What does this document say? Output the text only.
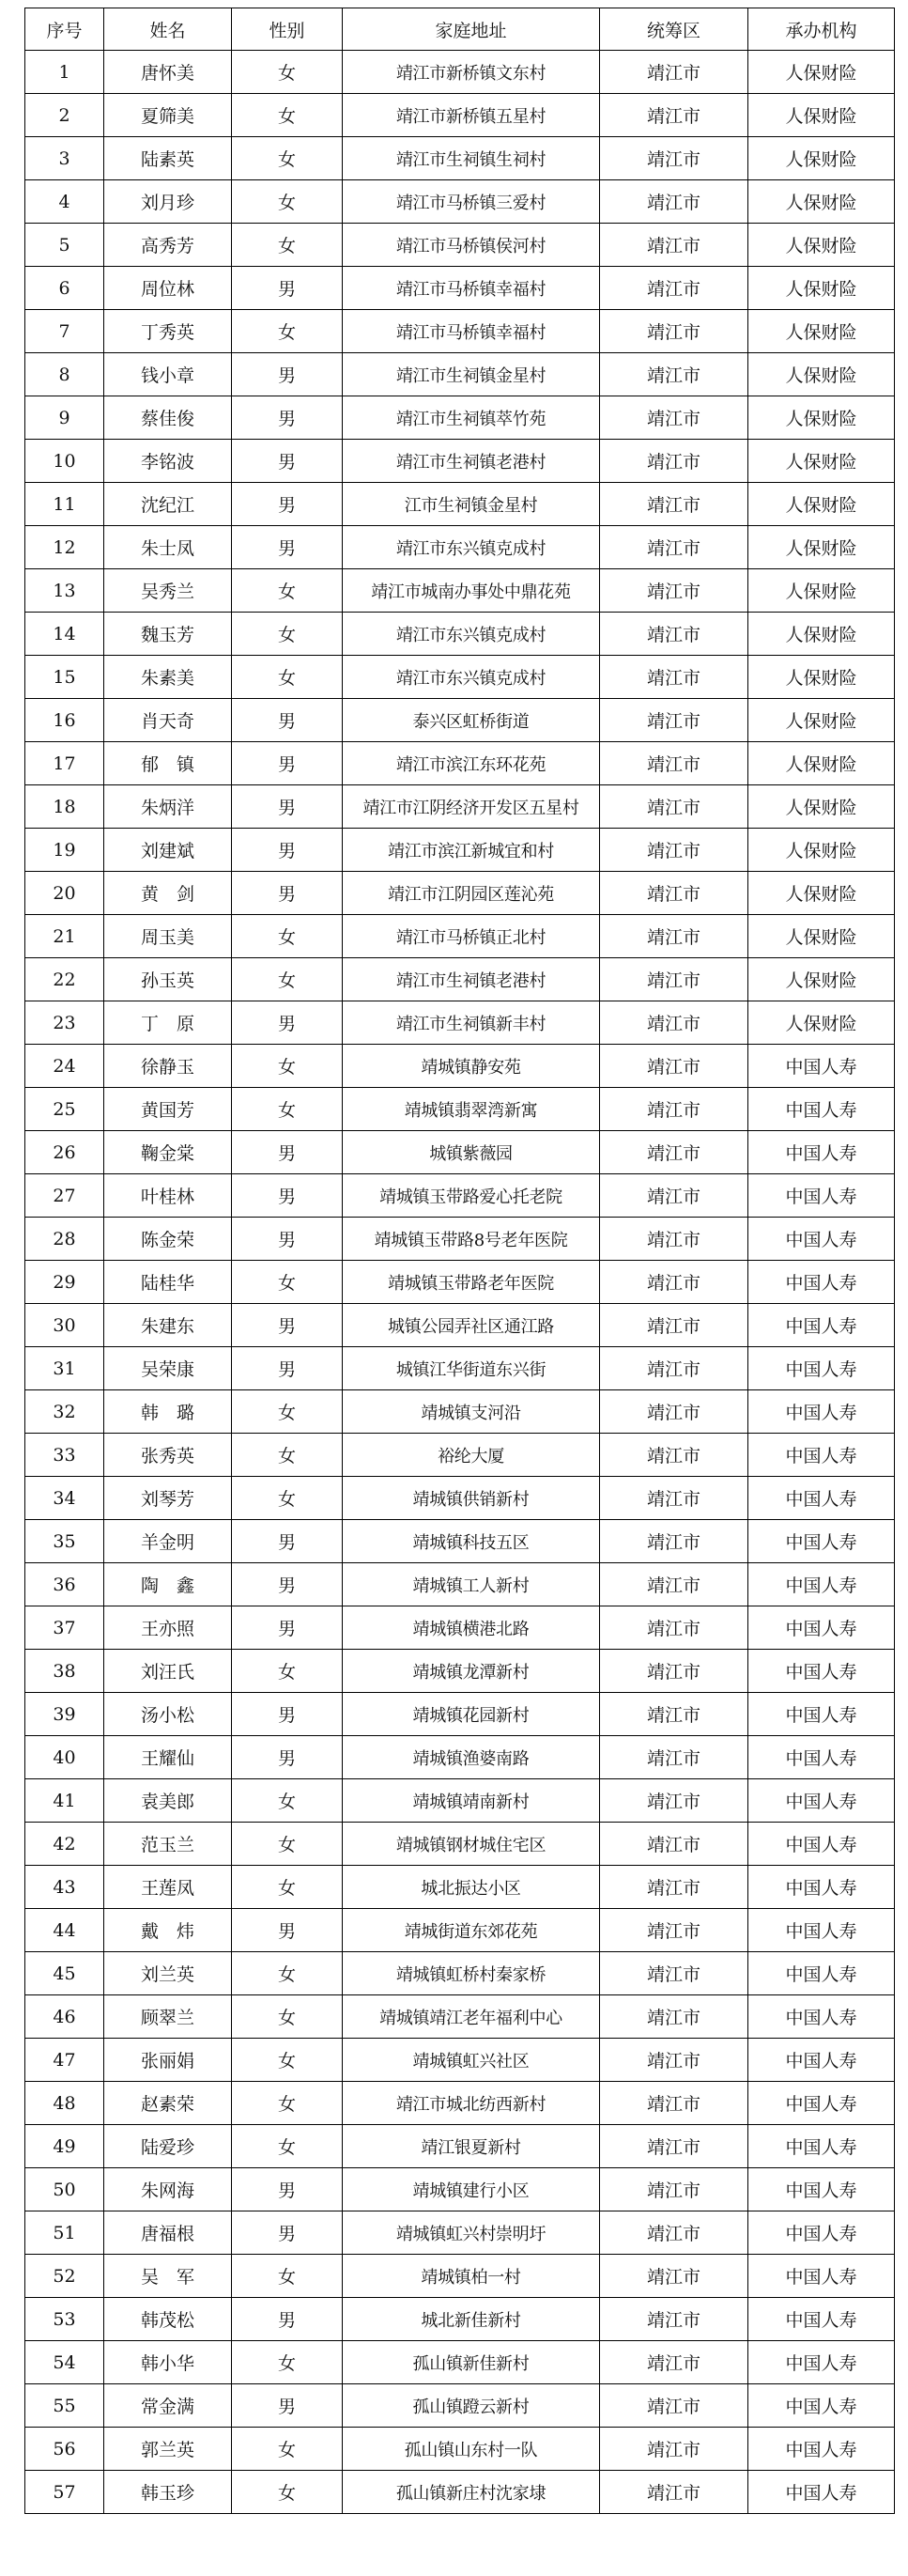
序号	姓名	性别	家庭地址	统筹区	承办机构
1	唐怀美	女	靖江市新桥镇文东村	靖江市	人保财险
2	夏筛美	女	靖江市新桥镇五星村	靖江市	人保财险
3	陆素英	女	靖江市生祠镇生祠村	靖江市	人保财险
4	刘月珍	女	靖江市马桥镇三爱村	靖江市	人保财险
5	高秀芳	女	靖江市马桥镇侯河村	靖江市	人保财险
6	周位林	男	靖江市马桥镇幸福村	靖江市	人保财险
7	丁秀英	女	靖江市马桥镇幸福村	靖江市	人保财险
8	钱小章	男	靖江市生祠镇金星村	靖江市	人保财险
9	蔡佳俊	男	靖江市生祠镇萃竹苑	靖江市	人保财险
10	李铭波	男	靖江市生祠镇老港村	靖江市	人保财险
11	沈纪江	男	江市生祠镇金星村	靖江市	人保财险
12	朱士凤	男	靖江市东兴镇克成村	靖江市	人保财险
13	吴秀兰	女	靖江市城南办事处中鼎花苑	靖江市	人保财险
14	魏玉芳	女	靖江市东兴镇克成村	靖江市	人保财险
15	朱素美	女	靖江市东兴镇克成村	靖江市	人保财险
16	肖天奇	男	泰兴区虹桥街道	靖江市	人保财险
17	郁　镇	男	靖江市滨江东环花苑	靖江市	人保财险
18	朱炳洋	男	靖江市江阴经济开发区五星村	靖江市	人保财险
19	刘建斌	男	靖江市滨江新城宜和村	靖江市	人保财险
20	黄　剑	男	靖江市江阴园区莲沁苑	靖江市	人保财险
21	周玉美	女	靖江市马桥镇正北村	靖江市	人保财险
22	孙玉英	女	靖江市生祠镇老港村	靖江市	人保财险
23	丁　原	男	靖江市生祠镇新丰村	靖江市	人保财险
24	徐静玉	女	靖城镇静安苑	靖江市	中国人寿
25	黄国芳	女	靖城镇翡翠湾新寓	靖江市	中国人寿
26	鞠金棠	男	城镇紫薇园	靖江市	中国人寿
27	叶桂林	男	靖城镇玉带路爱心托老院	靖江市	中国人寿
28	陈金荣	男	靖城镇玉带路8号老年医院	靖江市	中国人寿
29	陆桂华	女	靖城镇玉带路老年医院	靖江市	中国人寿
30	朱建东	男	城镇公园弄社区通江路	靖江市	中国人寿
31	吴荣康	男	城镇江华街道东兴街	靖江市	中国人寿
32	韩　璐	女	靖城镇支河沿	靖江市	中国人寿
33	张秀英	女	裕纶大厦	靖江市	中国人寿
34	刘琴芳	女	靖城镇供销新村	靖江市	中国人寿
35	羊金明	男	靖城镇科技五区	靖江市	中国人寿
36	陶　鑫	男	靖城镇工人新村	靖江市	中国人寿
37	王亦照	男	靖城镇横港北路	靖江市	中国人寿
38	刘汪氏	女	靖城镇龙潭新村	靖江市	中国人寿
39	汤小松	男	靖城镇花园新村	靖江市	中国人寿
40	王耀仙	男	靖城镇渔婆南路	靖江市	中国人寿
41	袁美郎	女	靖城镇靖南新村	靖江市	中国人寿
42	范玉兰	女	靖城镇钢材城住宅区	靖江市	中国人寿
43	王莲凤	女	城北振达小区	靖江市	中国人寿
44	戴　炜	男	靖城街道东郊花苑	靖江市	中国人寿
45	刘兰英	女	靖城镇虹桥村秦家桥	靖江市	中国人寿
46	顾翠兰	女	靖城镇靖江老年福利中心	靖江市	中国人寿
47	张丽娟	女	靖城镇虹兴社区	靖江市	中国人寿
48	赵素荣	女	靖江市城北纺西新村	靖江市	中国人寿
49	陆爱珍	女	靖江银夏新村	靖江市	中国人寿
50	朱网海	男	靖城镇建行小区	靖江市	中国人寿
51	唐福根	男	靖城镇虹兴村崇明圩	靖江市	中国人寿
52	吴　军	女	靖城镇柏一村	靖江市	中国人寿
53	韩茂松	男	城北新佳新村	靖江市	中国人寿
54	韩小华	女	孤山镇新佳新村	靖江市	中国人寿
55	常金满	男	孤山镇蹬云新村	靖江市	中国人寿
56	郭兰英	女	孤山镇山东村一队	靖江市	中国人寿
57	韩玉珍	女	孤山镇新庄村沈家埭	靖江市	中国人寿
